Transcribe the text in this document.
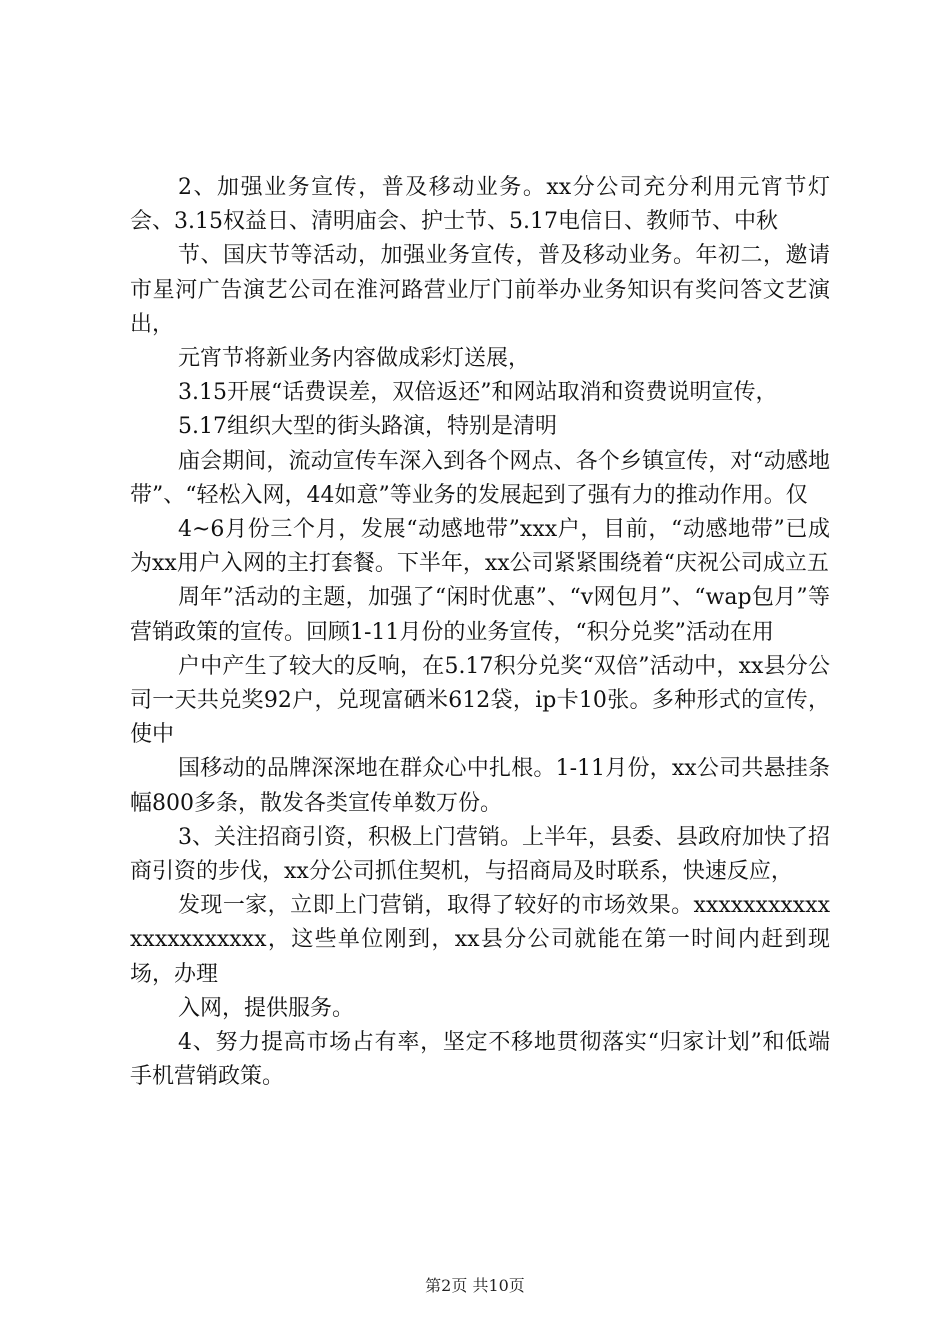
2、加强业务宣传，普及移动业务。xx分公司充分利用元宵节灯会、3.15权益日、清明庙会、护士节、5.17电信日、教师节、中秋

节、国庆节等活动，加强业务宣传，普及移动业务。年初二，邀请市星河广告演艺公司在淮河路营业厅门前举办业务知识有奖问答文艺演出，

元宵节将新业务内容做成彩灯送展，

3.15开展“话费误差，双倍返还”和网站取消和资费说明宣传，

5.17组织大型的街头路演，特别是清明

庙会期间，流动宣传车深入到各个网点、各个乡镇宣传，对“动感地带”、“轻松入网，44如意”等业务的发展起到了强有力的推动作用。仅

4~6月份三个月，发展“动感地带”xxx户，目前，“动感地带”已成为xx用户入网的主打套餐。下半年，xx公司紧紧围绕着“庆祝公司成立五

周年”活动的主题，加强了“闲时优惠”、“v网包月”、“wap包月”等营销政策的宣传。回顾1-11月份的业务宣传，“积分兑奖”活动在用

户中产生了较大的反响，在5.17积分兑奖“双倍”活动中，xx县分公司一天共兑奖92户，兑现富硒米612袋，ip卡10张。多种形式的宣传，使中

国移动的品牌深深地在群众心中扎根。1-11月份，xx公司共悬挂条幅800多条，散发各类宣传单数万份。

3、关注招商引资，积极上门营销。上半年，县委、县政府加快了招商引资的步伐，xx分公司抓住契机，与招商局及时联系，快速反应，

发现一家，立即上门营销，取得了较好的市场效果。xxxxxxxxxxxxxxxxxxxxxx，这些单位刚到，xx县分公司就能在第一时间内赶到现场，办理

入网，提供服务。

4、努力提高市场占有率，坚定不移地贯彻落实“归家计划”和低端手机营销政策。

第2页 共10页
